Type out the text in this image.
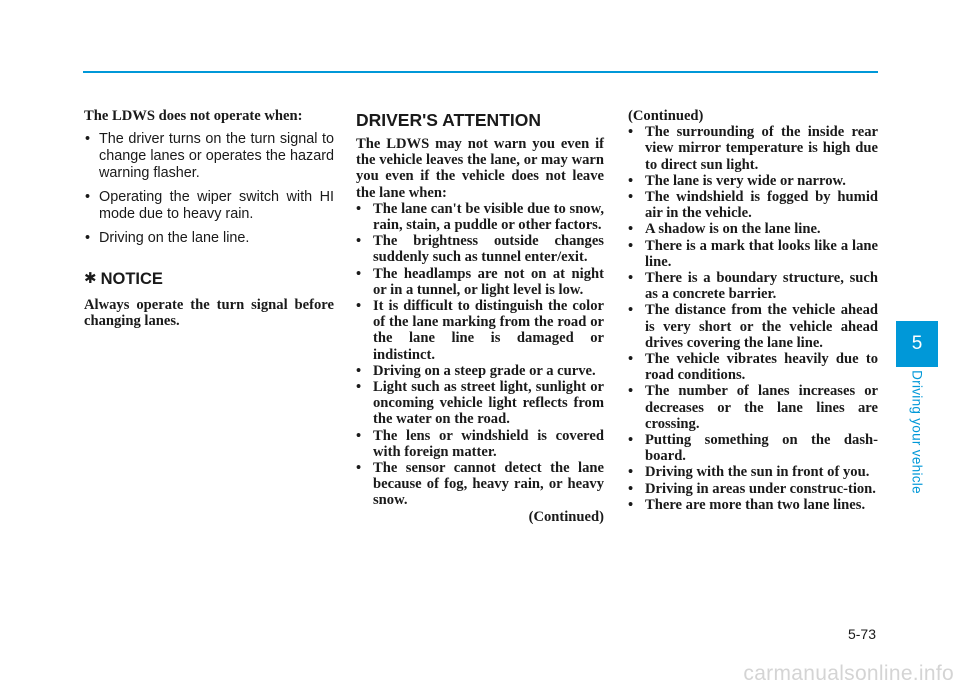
The LDWS does not operate when:

• The driver turns on the turn signal to change lanes or operates the hazard warning flasher.
• Operating the wiper switch with HI mode due to heavy rain.
• Driving on the lane line.
✱ NOTICE

Always operate the turn signal before changing lanes.

DRIVER'S ATTENTION

The LDWS may not warn you even if the vehicle leaves the lane, or may warn you even if the vehicle does not leave the lane when:

• The lane can't be visible due to snow, rain, stain, a puddle or other factors.
• The brightness outside changes suddenly such as tunnel enter/exit.
• The headlamps are not on at night or in a tunnel, or light level is low.
• It is difficult to distinguish the color of the lane marking from the road or the lane line is damaged or indistinct.
• Driving on a steep grade or a curve.
• Light such as street light, sunlight or oncoming vehicle light reflects from the water on the road.
• The lens or windshield is covered with foreign matter.
• The sensor cannot detect the lane because of fog, heavy rain, or heavy snow.

(Continued)

(Continued)

• The surrounding of the inside rear view mirror temperature is high due to direct sun light.
• The lane is very wide or narrow.
• The windshield is fogged by humid air in the vehicle.
• A shadow is on the lane line.
• There is a mark that looks like a lane line.
• There is a boundary structure, such as a concrete barrier.
• The distance from the vehicle ahead is very short or the vehicle ahead drives covering the lane line.
• The vehicle vibrates heavily due to road conditions.
• The number of lanes increases or decreases or the lane lines are crossing.
• Putting something on the dash-board.
• Driving with the sun in front of you.
• Driving in areas under construc-tion.
• There are more than two lane lines.
5
Driving your vehicle
5-73
carmanualsonline.info
